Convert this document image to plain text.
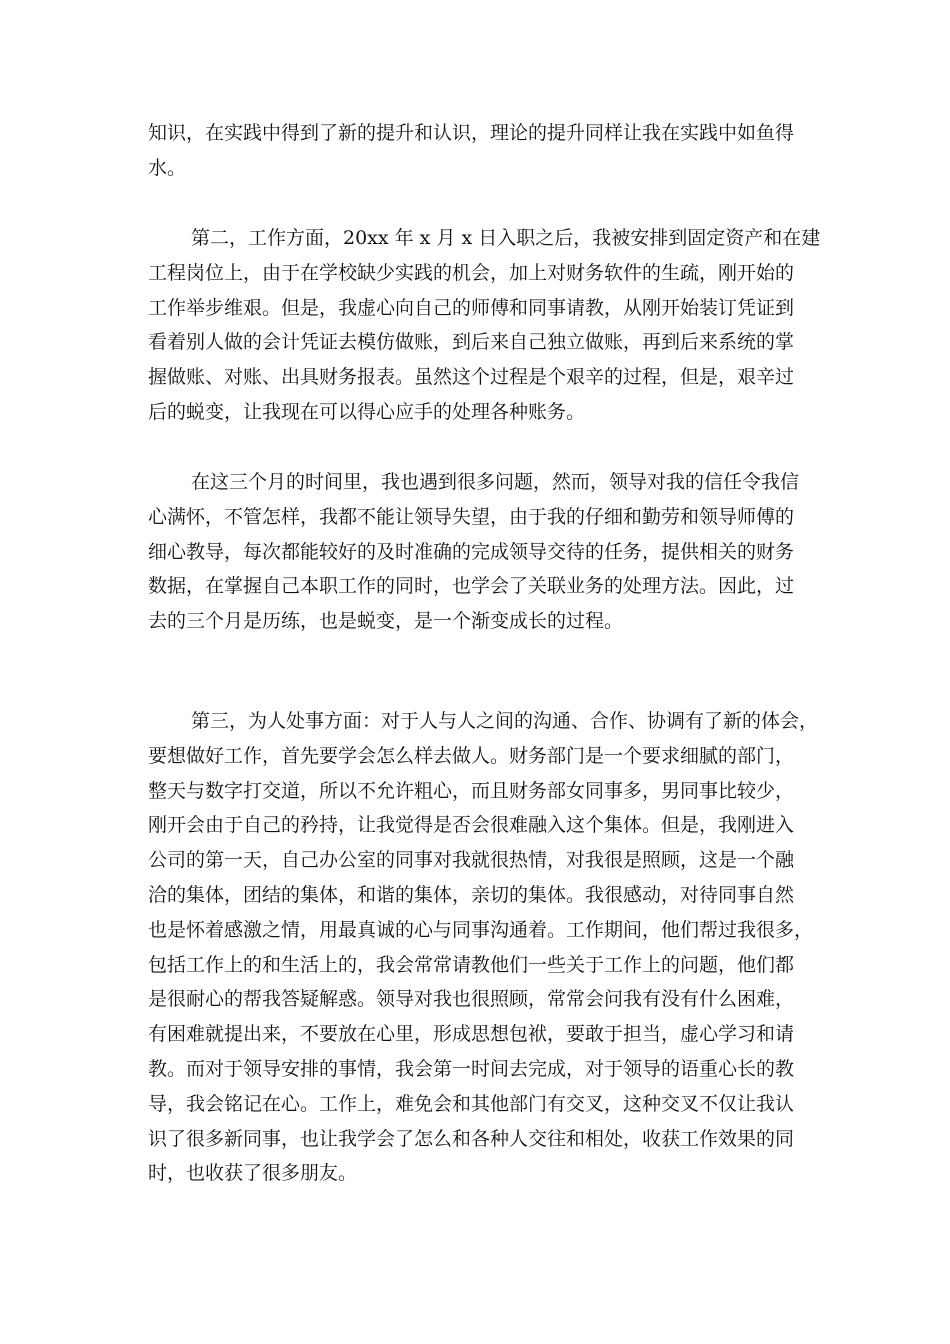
知识，在实践中得到了新的提升和认识，理论的提升同样让我在实践中如鱼得
水。
第二，工作方面，20xx 年 x 月 x 日入职之后，我被安排到固定资产和在建
工程岗位上，由于在学校缺少实践的机会，加上对财务软件的生疏，刚开始的
工作举步维艰。但是，我虚心向自己的师傅和同事请教，从刚开始装订凭证到
看着别人做的会计凭证去模仿做账，到后来自己独立做账，再到后来系统的掌
握做账、对账、出具财务报表。虽然这个过程是个艰辛的过程，但是，艰辛过
后的蜕变，让我现在可以得心应手的处理各种账务。
在这三个月的时间里，我也遇到很多问题，然而，领导对我的信任令我信
心满怀，不管怎样，我都不能让领导失望，由于我的仔细和勤劳和领导师傅的
细心教导，每次都能较好的及时准确的完成领导交待的任务，提供相关的财务
数据，在掌握自己本职工作的同时，也学会了关联业务的处理方法。因此，过
去的三个月是历练，也是蜕变，是一个渐变成长的过程。
第三，为人处事方面：对于人与人之间的沟通、合作、协调有了新的体会，
要想做好工作，首先要学会怎么样去做人。财务部门是一个要求细腻的部门，
整天与数字打交道，所以不允许粗心，而且财务部女同事多，男同事比较少，
刚开会由于自己的矜持，让我觉得是否会很难融入这个集体。但是，我刚进入
公司的第一天，自己办公室的同事对我就很热情，对我很是照顾，这是一个融
洽的集体，团结的集体，和谐的集体，亲切的集体。我很感动，对待同事自然
也是怀着感激之情，用最真诚的心与同事沟通着。工作期间，他们帮过我很多，
包括工作上的和生活上的，我会常常请教他们一些关于工作上的问题，他们都
是很耐心的帮我答疑解惑。领导对我也很照顾，常常会问我有没有什么困难，
有困难就提出来，不要放在心里，形成思想包袱，要敢于担当，虚心学习和请
教。而对于领导安排的事情，我会第一时间去完成，对于领导的语重心长的教
导，我会铭记在心。工作上，难免会和其他部门有交叉，这种交叉不仅让我认
识了很多新同事，也让我学会了怎么和各种人交往和相处，收获工作效果的同
时，也收获了很多朋友。
